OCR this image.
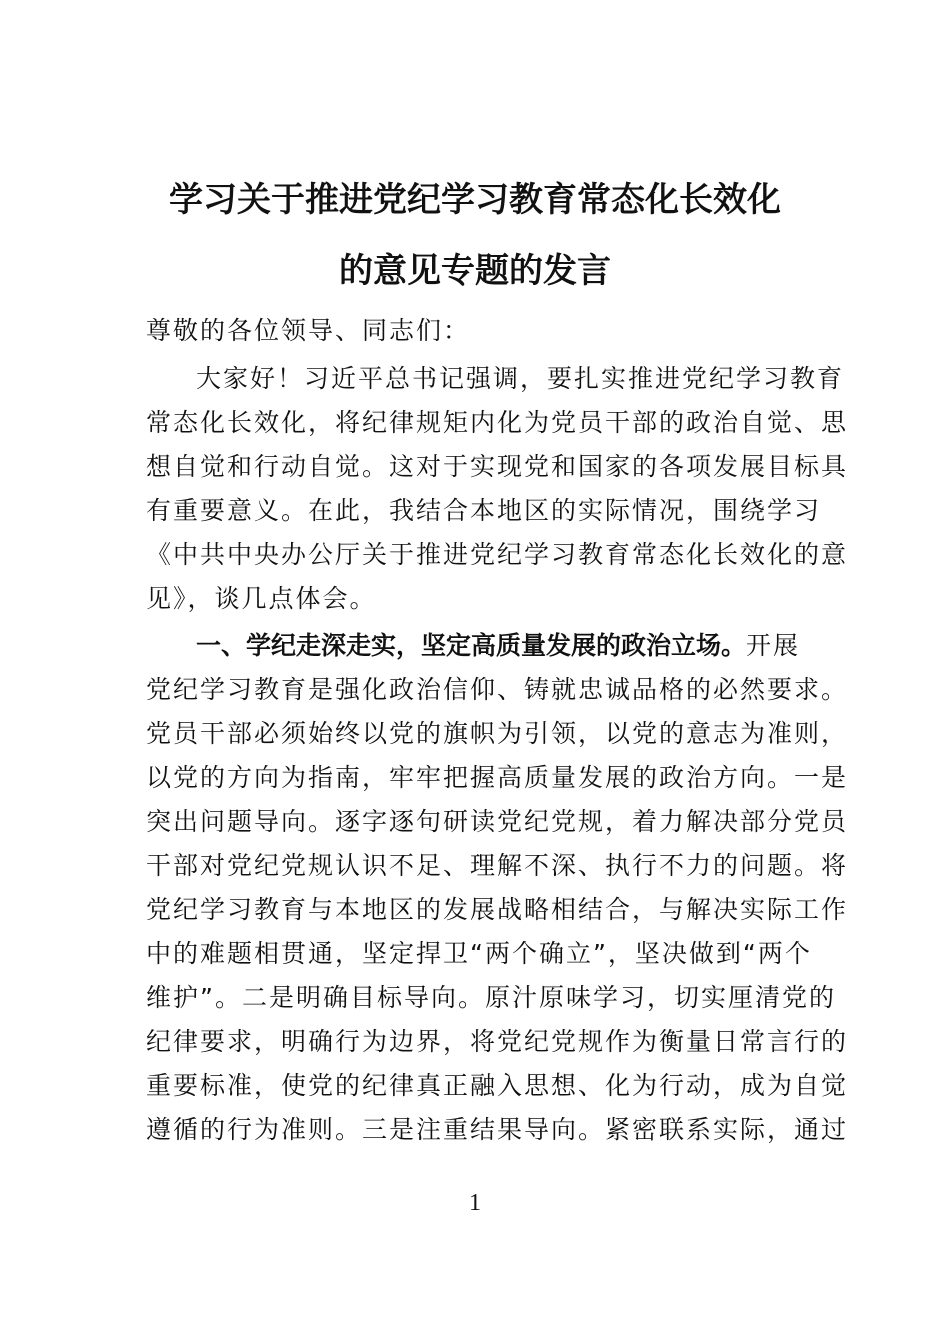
学习关于推进党纪学习教育常态化长效化
的意见专题的发言

尊敬的各位领导、同志们：

大家好！习近平总书记强调，要扎实推进党纪学习教育

常态化长效化，将纪律规矩内化为党员干部的政治自觉、思

想自觉和行动自觉。这对于实现党和国家的各项发展目标具

有重要意义。在此，我结合本地区的实际情况，围绕学习

《中共中央办公厅关于推进党纪学习教育常态化长效化的意

见》，谈几点体会。

一、学纪走深走实，坚定高质量发展的政治立场。开展

党纪学习教育是强化政治信仰、铸就忠诚品格的必然要求。

党员干部必须始终以党的旗帜为引领，以党的意志为准则，

以党的方向为指南，牢牢把握高质量发展的政治方向。一是

突出问题导向。逐字逐句研读党纪党规，着力解决部分党员

干部对党纪党规认识不足、理解不深、执行不力的问题。将

党纪学习教育与本地区的发展战略相结合，与解决实际工作

中的难题相贯通，坚定捍卫“两个确立”，坚决做到“两个

维护”。二是明确目标导向。原汁原味学习，切实厘清党的

纪律要求，明确行为边界，将党纪党规作为衡量日常言行的

重要标准，使党的纪律真正融入思想、化为行动，成为自觉

遵循的行为准则。三是注重结果导向。紧密联系实际，通过

1
